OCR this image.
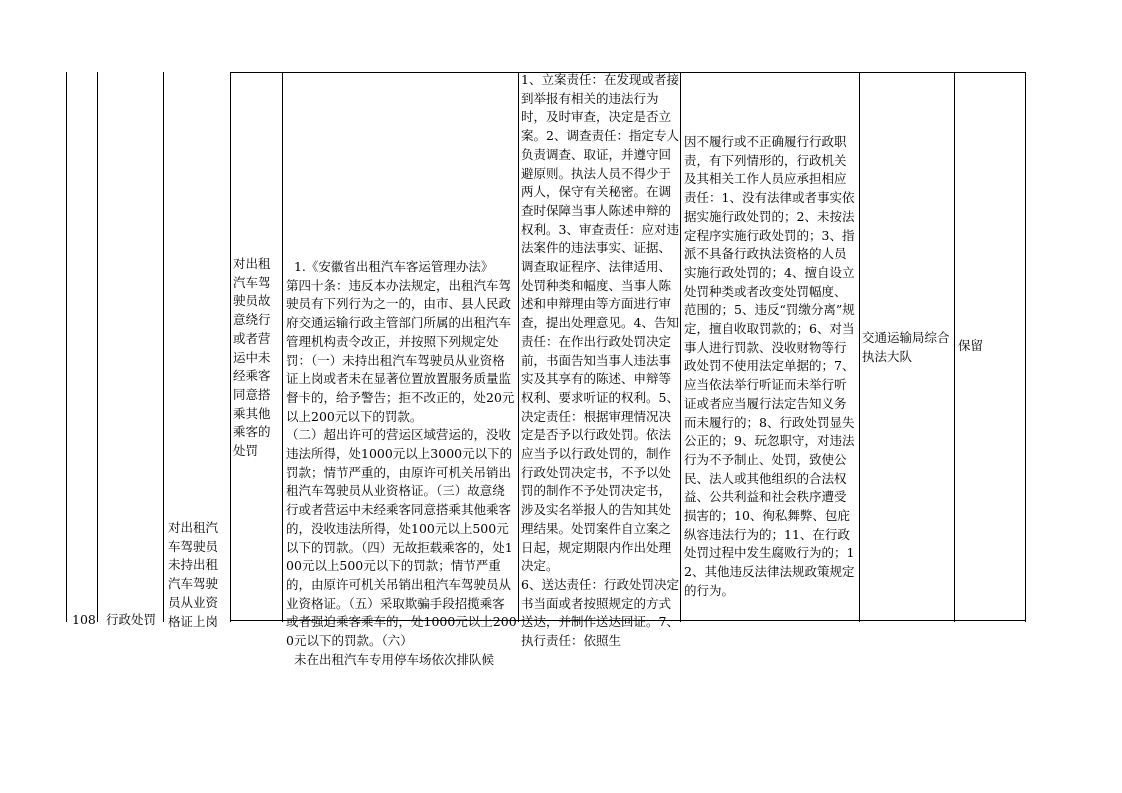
108 行政处罚

对出租汽车驾驶员未持出租汽车驾驶员从业资格证上岗

对出租汽车驾驶员故意绕行或者营运中未经乘客同意搭乘其他乘客的处罚

1.《安徽省出租汽车客运管理办法》

第四十条：违反本办法规定，出租汽车驾驶员有下列行为之一的，由市、县人民政府交通运输行政主管部门所属的出租汽车管理机构责令改正，并按照下列规定处罚：（一）未持出租汽车驾驶员从业资格证上岗或者未在显著位置放置服务质量监督卡的，给予警告；拒不改正的，处20元以上200元以下的罚款。

（二）超出许可的营运区域营运的，没收违法所得，处1000元以上3000元以下的罚款；情节严重的，由原许可机关吊销出租汽车驾驶员从业资格证。（三）故意绕行或者营运中未经乘客同意搭乘其他乘客的，没收违法所得，处100元以上500元以下的罚款。（四）无故拒载乘客的，处100元以上500元以下的罚款；情节严重的，由原许可机关吊销出租汽车驾驶员从业资格证。（五）采取欺骗手段招揽乘客或者强迫乘客乘车的，处1000元以上2000元以下的罚款。（六）

未在出租汽车专用停车场依次排队候

1、立案责任：在发现或者接到举报有相关的违法行为时，及时审查，决定是否立案。2、调查责任：指定专人负责调查、取证，并遵守回避原则。执法人员不得少于两人，保守有关秘密。在调查时保障当事人陈述申辩的权利。3、审查责任：应对违法案件的违法事实、证据、调查取证程序、法律适用、处罚种类和幅度、当事人陈述和申辩理由等方面进行审查，提出处理意见。4、告知责任：在作出行政处罚决定前，书面告知当事人违法事实及其享有的陈述、申辩等权利、要求听证的权利。5、决定责任：根据审理情况决定是否予以行政处罚。依法应当予以行政处罚的，制作行政处罚决定书，不予以处罚的制作不予处罚决定书，涉及实名举报人的告知其处理结果。处罚案件自立案之日起，规定期限内作出处理决定。
6、送达责任：行政处罚决定书当面或者按照规定的方式送达，并制作送达回证。7、执行责任：依照生

因不履行或不正确履行行政职责，有下列情形的，行政机关及其相关工作人员应承担相应责任：1、没有法律或者事实依据实施行政处罚的；2、未按法定程序实施行政处罚的；3、指派不具备行政执法资格的人员实施行政处罚的；4、擅自设立处罚种类或者改变处罚幅度、范围的；5、违反“罚缴分离”规定，擅自收取罚款的；6、对当事人进行罚款、没收财物等行政处罚不使用法定单据的；7、应当依法举行听证而未举行听证或者应当履行法定告知义务而未履行的；8、行政处罚显失公正的；9、玩忽职守，对违法行为不予制止、处罚，致使公民、法人或其他组织的合法权益、公共利益和社会秩序遭受损害的；10、徇私舞弊、包庇纵容违法行为的；11、在行政处罚过程中发生腐败行为的；12、其他违反法律法规政策规定的行为。

交通运输局综合执法大队

保留
